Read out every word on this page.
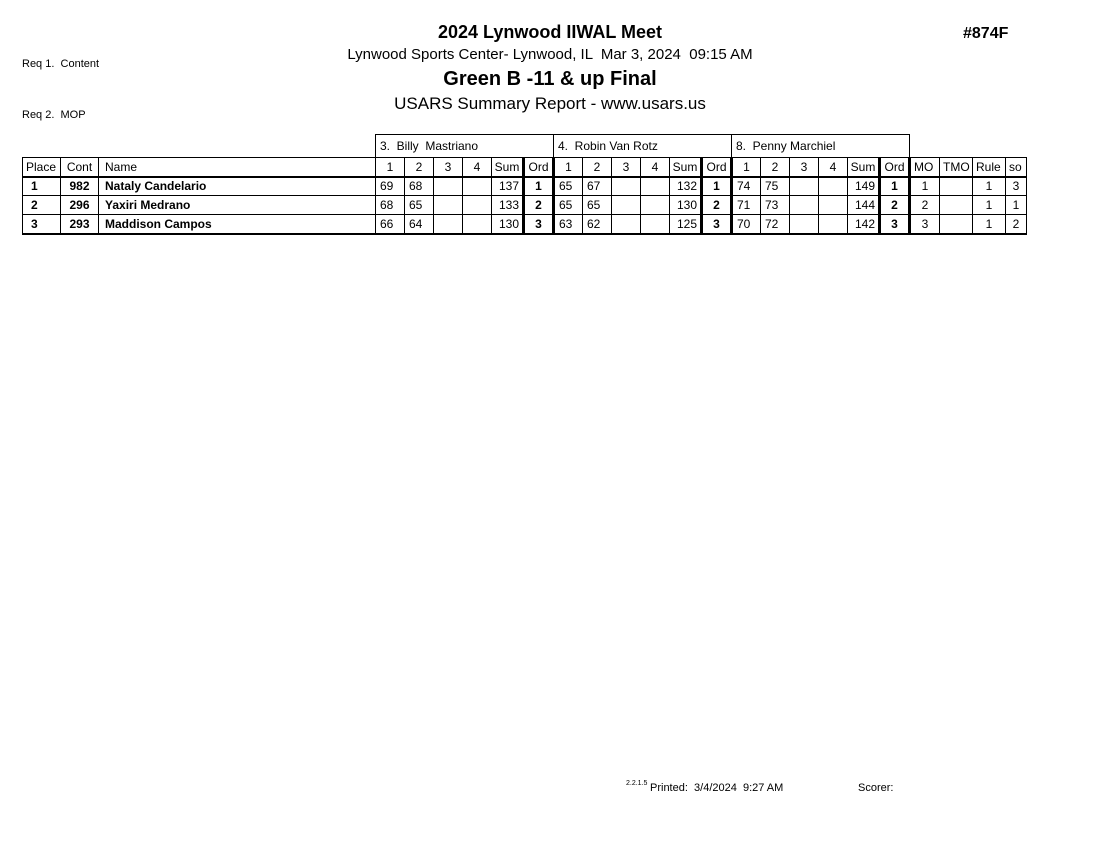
Req 1.  Content

Req 2.  MOP

2024 Lynwood IIWAL Meet
Lynwood Sports Center- Lynwood, IL  Mar 3, 2024  09:15 AM
Green B -11 & up Final
USARS Summary Report - www.usars.us
#874F
			3.  Billy  Mastriano						4.  Robin Van Rotz						8.  Penny Marchiel									
Place	Cont	Name	1	2	3	4	Sum	Ord	1	2	3	4	Sum	Ord	1	2	3	4	Sum	Ord	MO	TMO	Rule	so
1	982	Nataly Candelario	69	68			137	1	65	67			132	1	74	75			149	1	1		1	3
2	296	Yaxiri Medrano	68	65			133	2	65	65			130	2	71	73			144	2	2		1	1
3	293	Maddison Campos	66	64			130	3	63	62			125	3	70	72			142	3	3		1	2
2.2.1.5 Printed:  3/4/2024  9:27 AM	Scorer:
